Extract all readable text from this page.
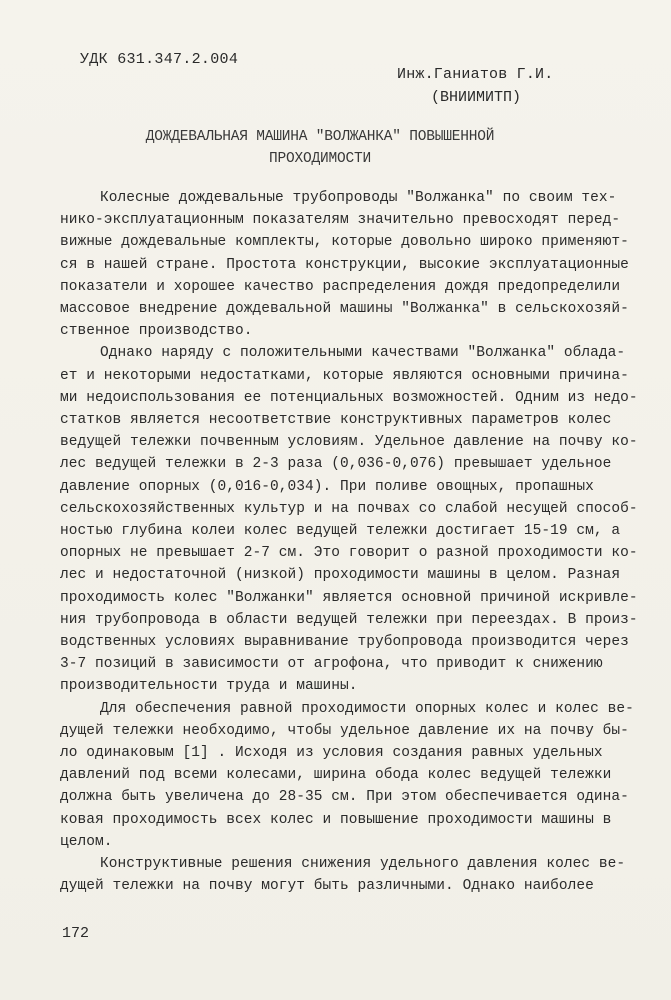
УДК 631.347.2.004
Инж.Ганиатов Г.И.
(ВНИИМИТП)
ДОЖДЕВАЛЬНАЯ МАШИНА "ВОЛЖАНКА" ПОВЫШЕННОЙ
ПРОХОДИМОСТИ
Колесные дождевальные трубопроводы "Волжанка" по своим тех-
нико-эксплуатационным показателям значительно превосходят перед-
вижные дождевальные комплекты, которые довольно широко применяют-
ся в нашей стране. Простота конструкции, высокие эксплуатационные
показатели и хорошее качество распределения дождя предопределили
массовое внедрение дождевальной машины "Волжанка" в сельскохозяй-
ственное производство.
Однако наряду с положительными качествами "Волжанка" обладa-
ет и некоторыми недостатками, которые являются основными причина-
ми недоиспользования ее потенциальных возможностей. Одним из недо-
статков является несоответствие конструктивных параметров колес
ведущей тележки почвенным условиям. Удельное давление на почву ко-
лес ведущей тележки в 2-3 раза (0,036-0,076) превышает удельное
давление опорных (0,016-0,034). При поливе овощных, пропашных
сельскохозяйственных культур и на почвах со слабой несущей способ-
ностью глубина колеи колес ведущей тележки достигает 15-19 см, а
опорных не превышает 2-7 см. Это говорит о разной проходимости ко-
лес и недостаточной (низкой) проходимости машины в целом. Разная
проходимость колес "Волжанки" является основной причиной искривле-
ния трубопровода в области ведущей тележки при переездах. В произ-
водственных условиях выравнивание трубопровода производится через
3-7 позиций в зависимости от агрофона, что приводит к снижению
производительности труда и машины.
Для обеспечения равной проходимости опорных колес и колес ве-
дущей тележки необходимо, чтобы удельное давление их на почву бы-
ло одинаковым [1] . Исходя из условия создания равных удельных
давлений под всеми колесами, ширина обода колес ведущей тележки
должна быть увеличена до 28-35 см. При этом обеспечивается одина-
ковая проходимость всех колес и повышение проходимости машины в
целом.
Конструктивные решения снижения удельного давления колес ве-
дущей тележки на почву могут быть различными. Однако наиболее
172
